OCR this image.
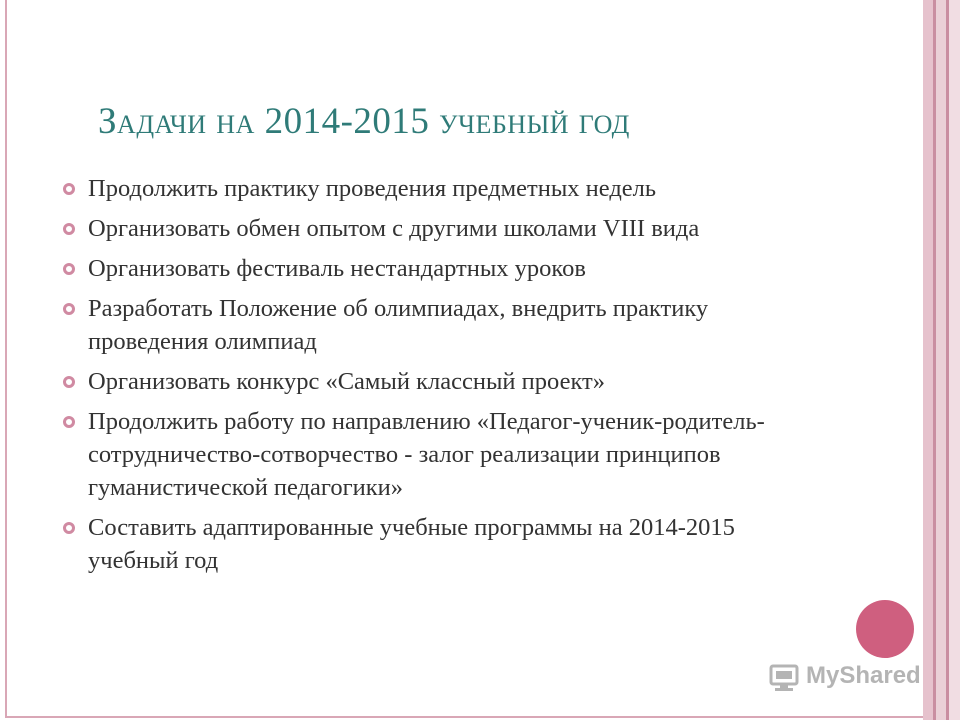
Задачи на 2014-2015 учебный год
Продолжить практику проведения предметных недель
Организовать обмен опытом с другими школами VIII вида
Организовать фестиваль нестандартных уроков
Разработать Положение об олимпиадах, внедрить практику проведения олимпиад
Организовать конкурс «Самый классный проект»
Продолжить работу по направлению «Педагог-ученик-родитель-сотрудничество-сотворчество - залог реализации принципов гуманистической педагогики»
Составить адаптированные учебные программы на 2014-2015 учебный год
MyShared
